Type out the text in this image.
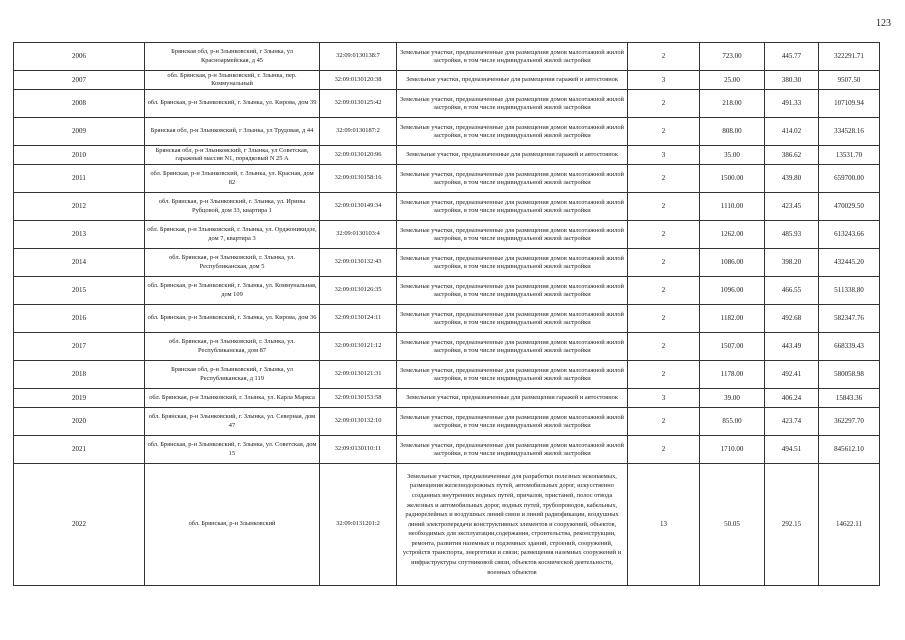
123
2006	Брянская обл, р-н Злынковский, г Злынка, ул Красноармейская, д 45	32:09:0130138:7	Земельные участки, предназначенные для размещения домов малоэтажной жилой застройки, в том числе индивидуальной жилой застройки	2	723.00	445.77	322291.71
2007	обл. Брянская, р-н Злынковский, г. Злынка, пер. Коммунальный	32:09:0130120:38	Земельные участки, предназначенные для размещения гаражей и автостоянок	3	25.00	380.30	9507.50
2008	обл. Брянская, р-н Злынковский, г. Злынка, ул. Кирова, дом 39	32:09:0130125:42	Земельные участки, предназначенные для размещения домов малоэтажной жилой застройки, в том числе индивидуальной жилой застройки	2	218.00	491.33	107109.94
2009	Брянская обл, р-н Злынковский, г Злынка, ул Трудовая, д 44	32:09:0130187:2	Земельные участки, предназначенные для размещения домов малоэтажной жилой застройки, в том числе индивидуальной жилой застройки	2	808.00	414.02	334528.16
2010	Брянская обл, р-н Злынковский, г Злынка, ул Советская, гаражный массив N1, порядковый N 25 А	32:09:0130120:96	Земельные участки, предназначенные для размещения гаражей и автостоянок	3	35.00	386.62	13531.70
2011	обл. Брянская, р-н Злынковский, г. Злынка, ул. Красная, дом 82	32:09:0130158:16	Земельные участки, предназначенные для размещения домов малоэтажной жилой застройки, в том числе индивидуальной жилой застройки	2	1500.00	439.80	659700.00
2012	обл. Брянская, р-н Злынковский, г. Злынка, ул. Ирины Рубцовой, дом 33, квартира 1	32:09:0130149:34	Земельные участки, предназначенные для размещения домов малоэтажной жилой застройки, в том числе индивидуальной жилой застройки	2	1110.00	423.45	470029.50
2013	обл. Брянская, р-н Злынковский, г. Злынка, ул. Орджоникидзе, дом 7, квартира 3	32:09:0130103:4	Земельные участки, предназначенные для размещения домов малоэтажной жилой застройки, в том числе индивидуальной жилой застройки	2	1262.00	485.93	613243.66
2014	обл. Брянская, р-н Злынковский, г. Злынка, ул. Республиканская, дом 5	32:09:0130132:43	Земельные участки, предназначенные для размещения домов малоэтажной жилой застройки, в том числе индивидуальной жилой застройки	2	1086.00	398.20	432445.20
2015	обл. Брянская, р-н Злынковский, г. Злынка, ул. Коммунальная, дом 109	32:09:0130126:35	Земельные участки, предназначенные для размещения домов малоэтажной жилой застройки, в том числе индивидуальной жилой застройки	2	1096.00	466.55	511338.80
2016	обл. Брянская, р-н Злынковский, г. Злынка, ул. Кирова, дом 36	32:09:0130124:11	Земельные участки, предназначенные для размещения домов малоэтажной жилой застройки, в том числе индивидуальной жилой застройки	2	1182.00	492.68	582347.76
2017	обл. Брянская, р-н Злынковский, г. Злынка, ул. Республиканская, дом 87	32:09:0130121:12	Земельные участки, предназначенные для размещения домов малоэтажной жилой застройки, в том числе индивидуальной жилой застройки	2	1507.00	443.49	668339.43
2018	Брянская обл, р-н Злынковский, г Злынка, ул Республиканская, д 119	32:09:0130121:31	Земельные участки, предназначенные для размещения домов малоэтажной жилой застройки, в том числе индивидуальной жилой застройки	2	1178.00	492.41	580058.98
2019	обл. Брянская, р-н Злынковский, г. Злынка, ул. Карла Маркса	32:09:0130153:58	Земельные участки, предназначенные для размещения гаражей и автостоянок	3	39.00	406.24	15843.36
2020	обл. Брянская, р-н Злынковский, г. Злынка, ул. Северная, дом 47	32:09:0130132:10	Земельные участки, предназначенные для размещения домов малоэтажной жилой застройки, в том числе индивидуальной жилой застройки	2	855.00	423.74	362297.70
2021	обл. Брянская, р-н Злынковский, г. Злынка, ул. Советская, дом 15	32:09:0130110:11	Земельные участки, предназначенные для размещения домов малоэтажной жилой застройки, в том числе индивидуальной жилой застройки	2	1710.00	494.51	845612.10
2022	обл. Брянская, р-н Злынковский	32:09:0131201:2	Земельные участки, предназначенные для разработки полезных ископаемых, размещения железнодорожных путей, автомобильных дорог, искусственно созданных внутренних водных путей, причалов, пристаней, полос отвода железных и автомобильных дорог, водных путей, трубопроводов, кабельных, радиорелейных и воздушных линий связи и линий радиофикации, воздушных линий электропередачи конструктивных элементов и сооружений, объектов, необходимых для эксплуатации,содержания, строительства, реконструкции, ремонта, развития наземных и подземных зданий, строений, сооружений, устройств транспорта, энергетики и связи; размещения наземных сооружений и инфраструктуры спутниковой связи, объектов космической деятельности, военных объектов	13	50.05	292.15	14622.11
